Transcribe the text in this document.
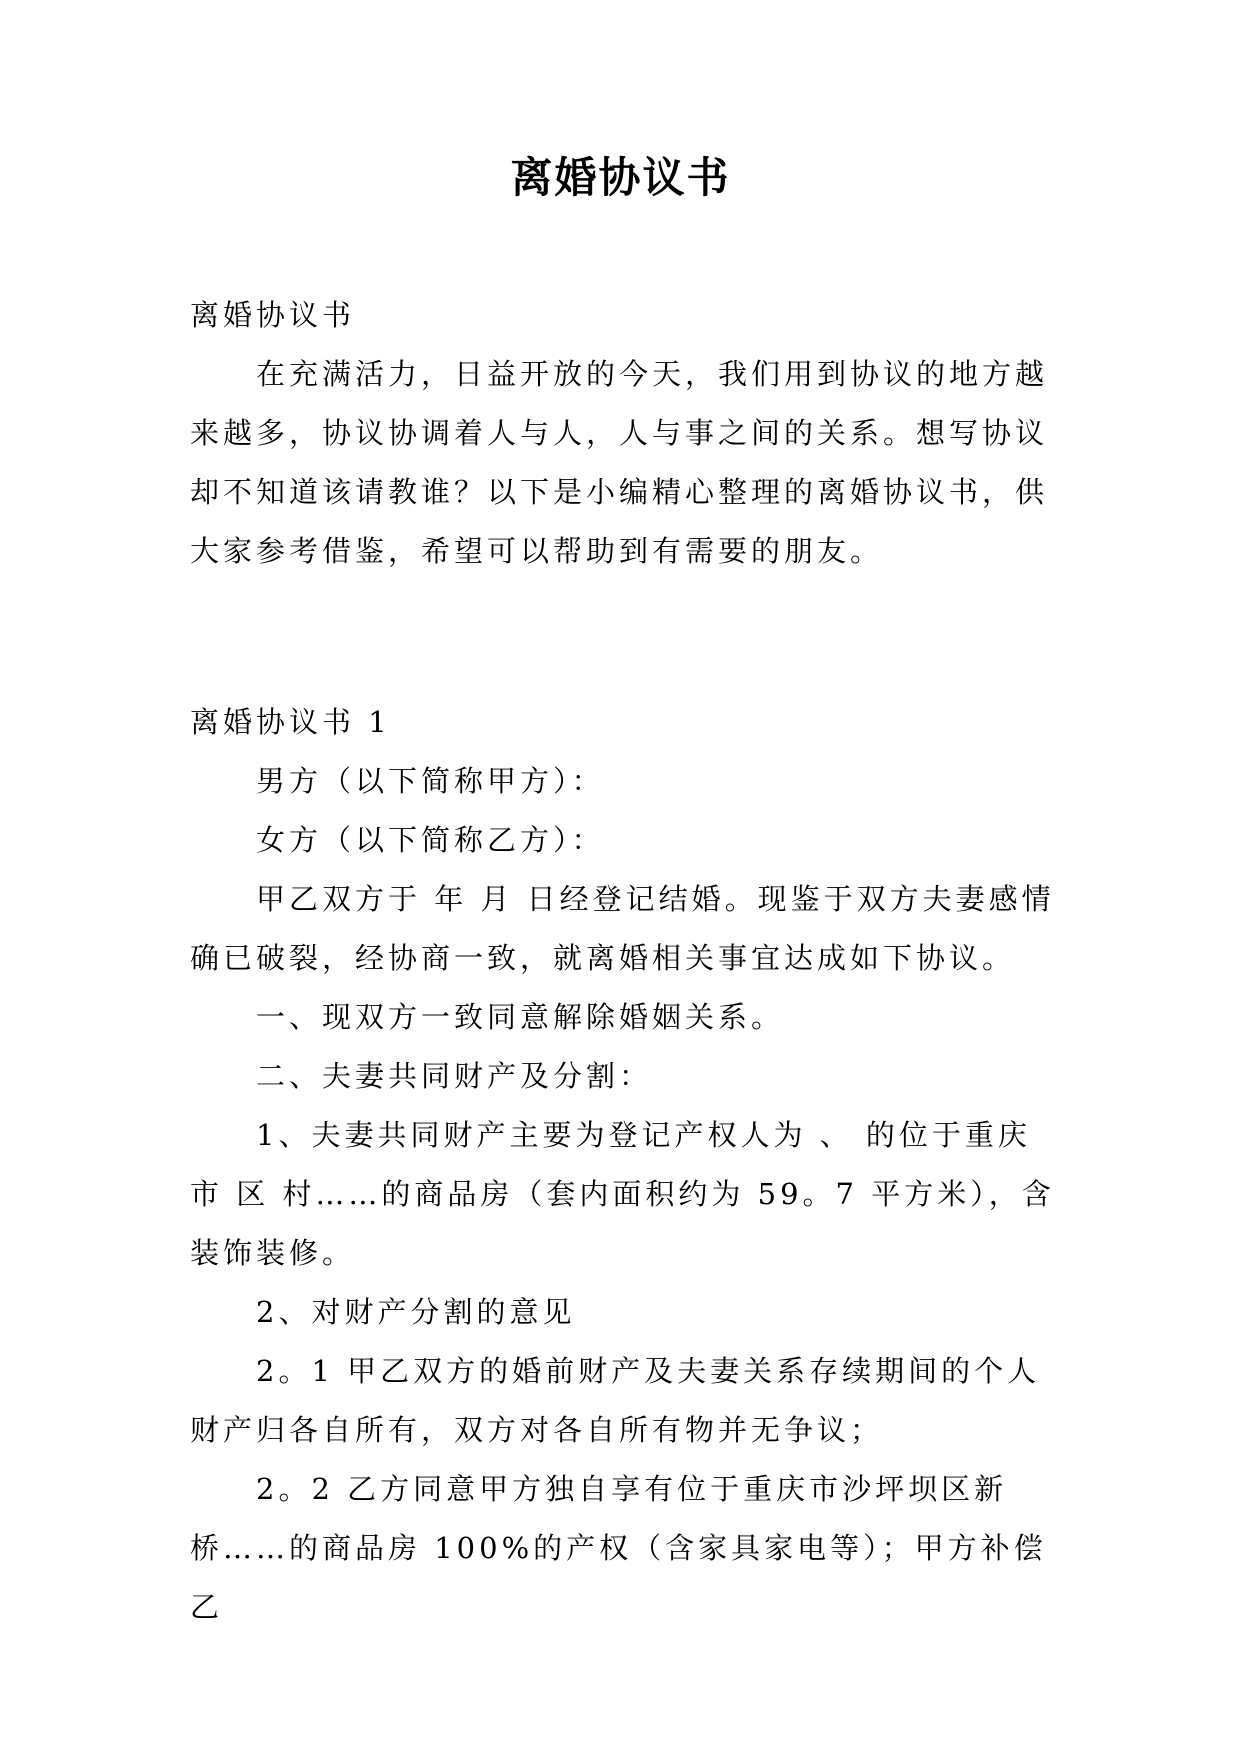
离婚协议书

离婚协议书

在充满活力，日益开放的今天，我们用到协议的地方越来越多，协议协调着人与人，人与事之间的关系。想写协议却不知道该请教谁？以下是小编精心整理的离婚协议书，供大家参考借鉴，希望可以帮助到有需要的朋友。

离婚协议书 1

男方（以下简称甲方）：

女方（以下简称乙方）：

甲乙双方于 年 月 日经登记结婚。现鉴于双方夫妻感情确已破裂，经协商一致，就离婚相关事宜达成如下协议。

一、现双方一致同意解除婚姻关系。

二、夫妻共同财产及分割：

1、夫妻共同财产主要为登记产权人为 、 的位于重庆市 区 村……的商品房（套内面积约为 59。7 平方米），含装饰装修。

2、对财产分割的意见

2。1 甲乙双方的婚前财产及夫妻关系存续期间的个人财产归各自所有，双方对各自所有物并无争议；

2。2 乙方同意甲方独自享有位于重庆市沙坪坝区新桥……的商品房 100%的产权（含家具家电等）；甲方补偿乙
